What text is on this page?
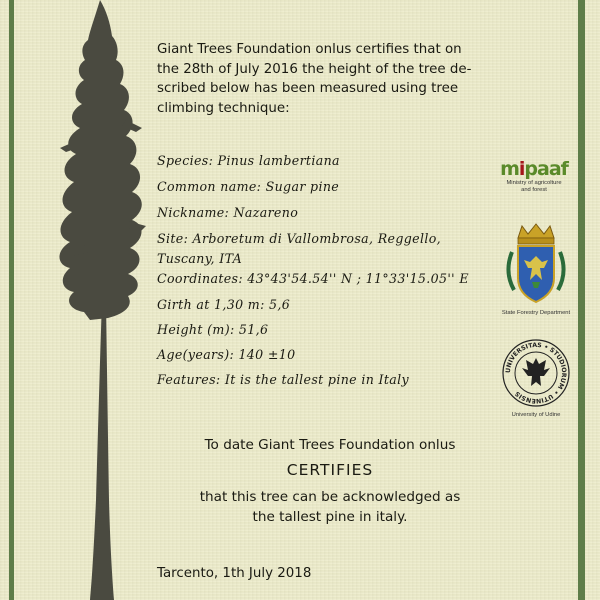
Giant Trees Foundation onlus certifies that on
the 28th of July 2016 the height of the tree de-
scribed below has been measured using tree
climbing technique:
Species: Pinus lambertiana
Common name: Sugar pine
Nickname: Nazareno
Site: Arboretum di Vallombrosa, Reggello,
Tuscany, ITA
Coordinates: 43°43'54.54'' N ; 11°33'15.05'' E
Girth at 1,30 m: 5,6
Height (m): 51,6
Age(years): 140 ±10
Features: It is the tallest pine in Italy
To date Giant Trees Foundation onlus
CERTIFIES
that this tree can be acknowledged as
the tallest pine in italy.
Tarcento, 1th July 2018
mipaaf
Ministry of agricolture
and forest
State Forestry Department
UNIVERSITAS • STUDIORUM • UTINENSIS
University of Udine
